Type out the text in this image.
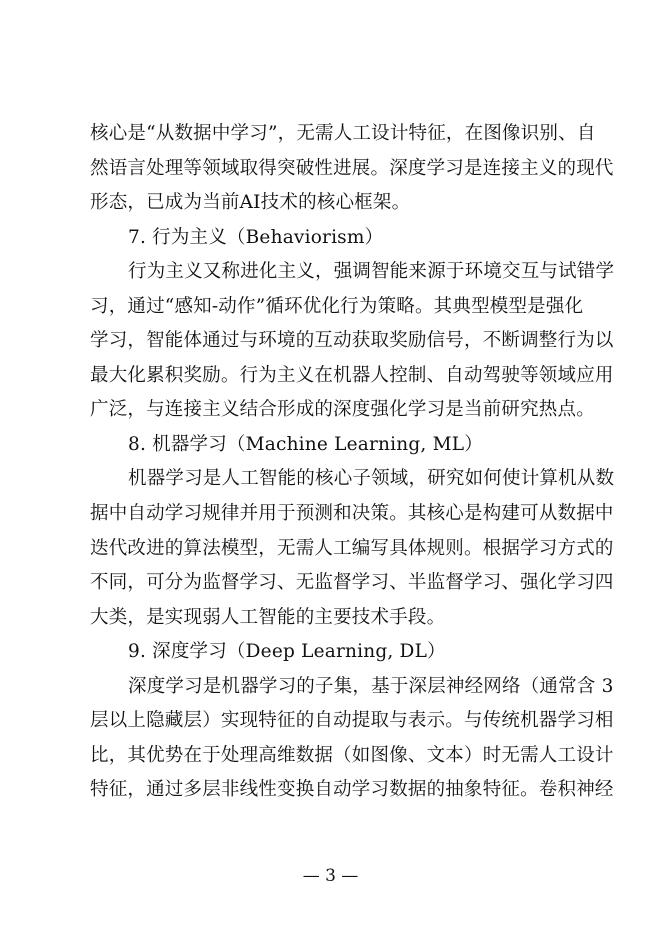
核心是“从数据中学习”，无需人工设计特征，在图像识别、自
然语言处理等领域取得突破性进展。深度学习是连接主义的现代
形态，已成为当前AI技术的核心框架。
7. 行为主义（Behaviorism）
行为主义又称进化主义，强调智能来源于环境交互与试错学
习，通过“感知-动作”循环优化行为策略。其典型模型是强化
学习，智能体通过与环境的互动获取奖励信号，不断调整行为以
最大化累积奖励。行为主义在机器人控制、自动驾驶等领域应用
广泛，与连接主义结合形成的深度强化学习是当前研究热点。
8. 机器学习（Machine Learning, ML）
机器学习是人工智能的核心子领域，研究如何使计算机从数
据中自动学习规律并用于预测和决策。其核心是构建可从数据中
迭代改进的算法模型，无需人工编写具体规则。根据学习方式的
不同，可分为监督学习、无监督学习、半监督学习、强化学习四
大类，是实现弱人工智能的主要技术手段。
9. 深度学习（Deep Learning, DL）
深度学习是机器学习的子集，基于深层神经网络（通常含 3
层以上隐藏层）实现特征的自动提取与表示。与传统机器学习相
比，其优势在于处理高维数据（如图像、文本）时无需人工设计
特征，通过多层非线性变换自动学习数据的抽象特征。卷积神经
— 3 —
